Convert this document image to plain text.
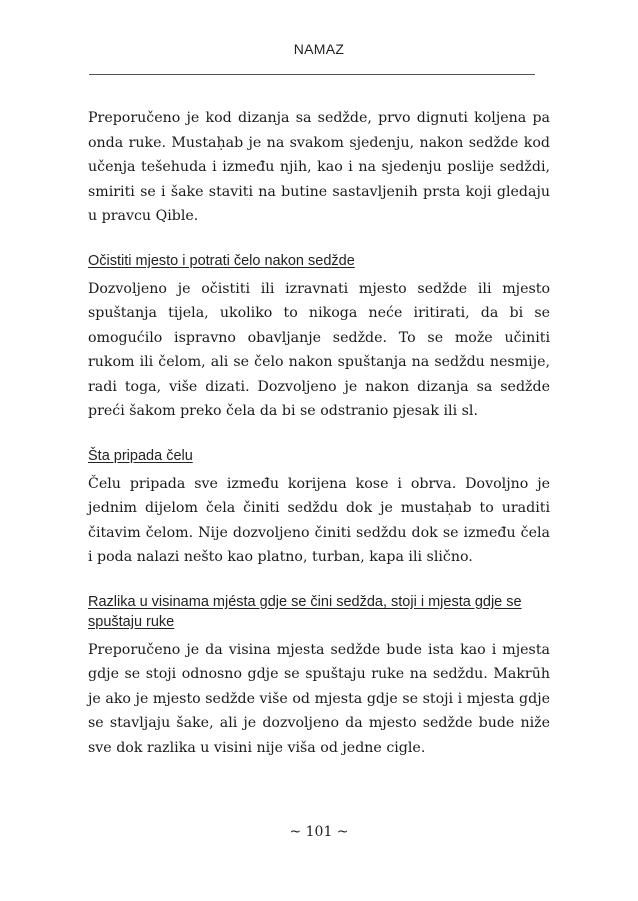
NAMAZ

Preporučeno je kod dizanja sa sedžde, prvo dignuti koljena pa onda ruke. Mustaḥab je na svakom sjedenju, nakon sedžde kod učenja tešehuda i između njih, kao i na sjedenju poslije sedždi, smiriti se i šake staviti na butine sastavljenih prsta koji gledaju u pravcu Qible.

Očistiti mjesto i potrati čelo nakon sedžde

Dozvoljeno je očistiti ili izravnati mjesto sedžde ili mjesto spuštanja tijela, ukoliko to nikoga neće iritirati, da bi se omogućilo ispravno obavljanje sedžde. To se može učiniti rukom ili čelom, ali se čelo nakon spuštanja na sedždu nesmije, radi toga, više dizati. Dozvoljeno je nakon dizanja sa sedžde preći šakom preko čela da bi se odstranio pjesak ili sl.

Šta pripada čelu

Čelu pripada sve između korijena kose i obrva. Dovoljno je jednim dijelom čela činiti sedždu dok je mustaḥab to uraditi čitavim čelom. Nije dozvoljeno činiti sedždu dok se između čela i poda nalazi nešto kao platno, turban, kapa ili slično.

Razlika u visinama mjésta gdje se čini sedžda, stoji i mjesta gdje se spuštaju ruke

Preporučeno je da visina mjesta sedžde bude ista kao i mjesta gdje se stoji odnosno gdje se spuštaju ruke na sedždu. Makrūh je ako je mjesto sedžde više od mjesta gdje se stoji i mjesta gdje se stavljaju šake, ali je dozvoljeno da mjesto sedžde bude niže sve dok razlika u visini nije viša od jedne cigle.

~ 101 ~
